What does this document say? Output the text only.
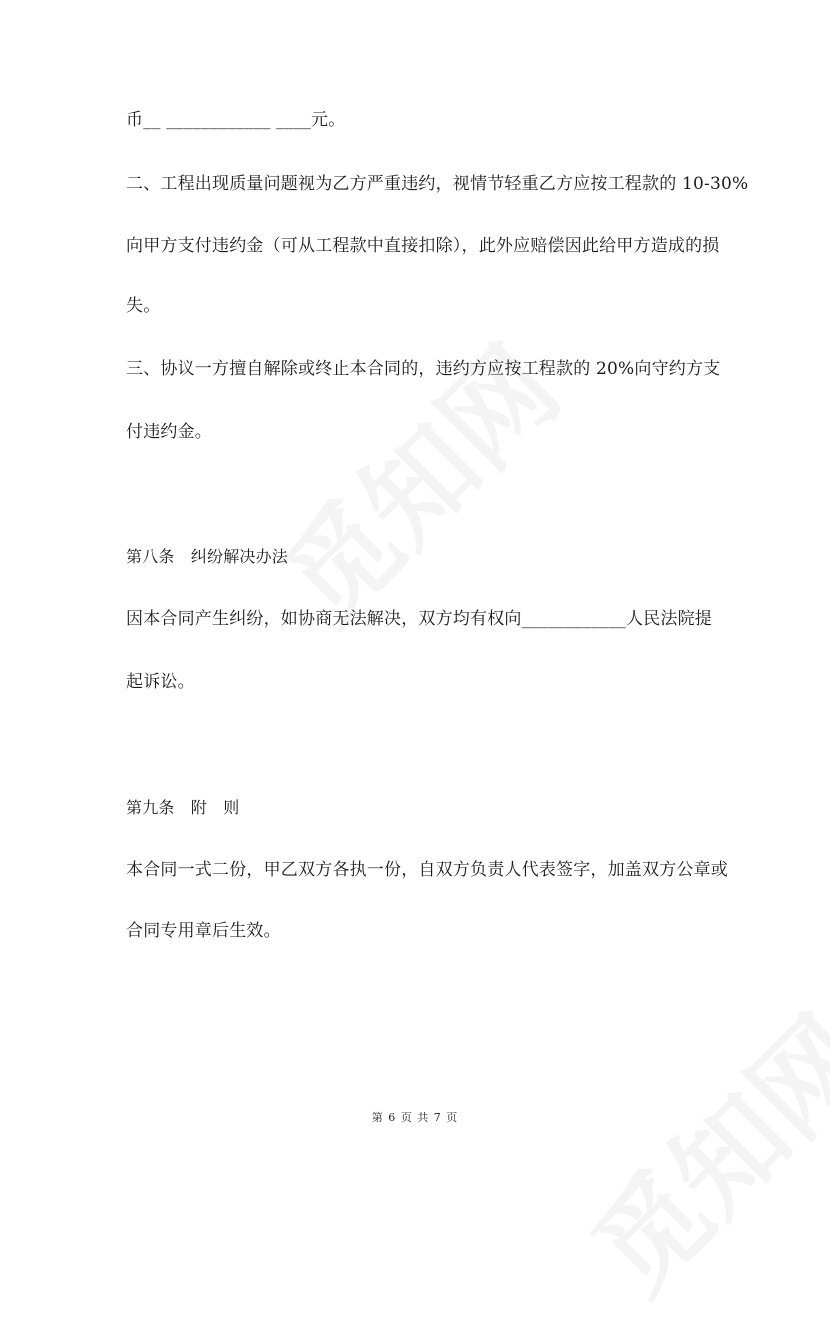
币__ ____________ ____元。
二、工程出现质量问题视为乙方严重违约，视情节轻重乙方应按工程款的 10-30%
向甲方支付违约金（可从工程款中直接扣除），此外应赔偿因此给甲方造成的损
失。
三、协议一方擅自解除或终止本合同的，违约方应按工程款的 20%向守约方支
付违约金。
第八条　纠纷解决办法
因本合同产生纠纷，如协商无法解决，双方均有权向____________人民法院提
起诉讼。
第九条　附　则
本合同一式二份，甲乙双方各执一份，自双方负责人代表签字，加盖双方公章或
合同专用章后生效。
第 6 页 共 7 页
